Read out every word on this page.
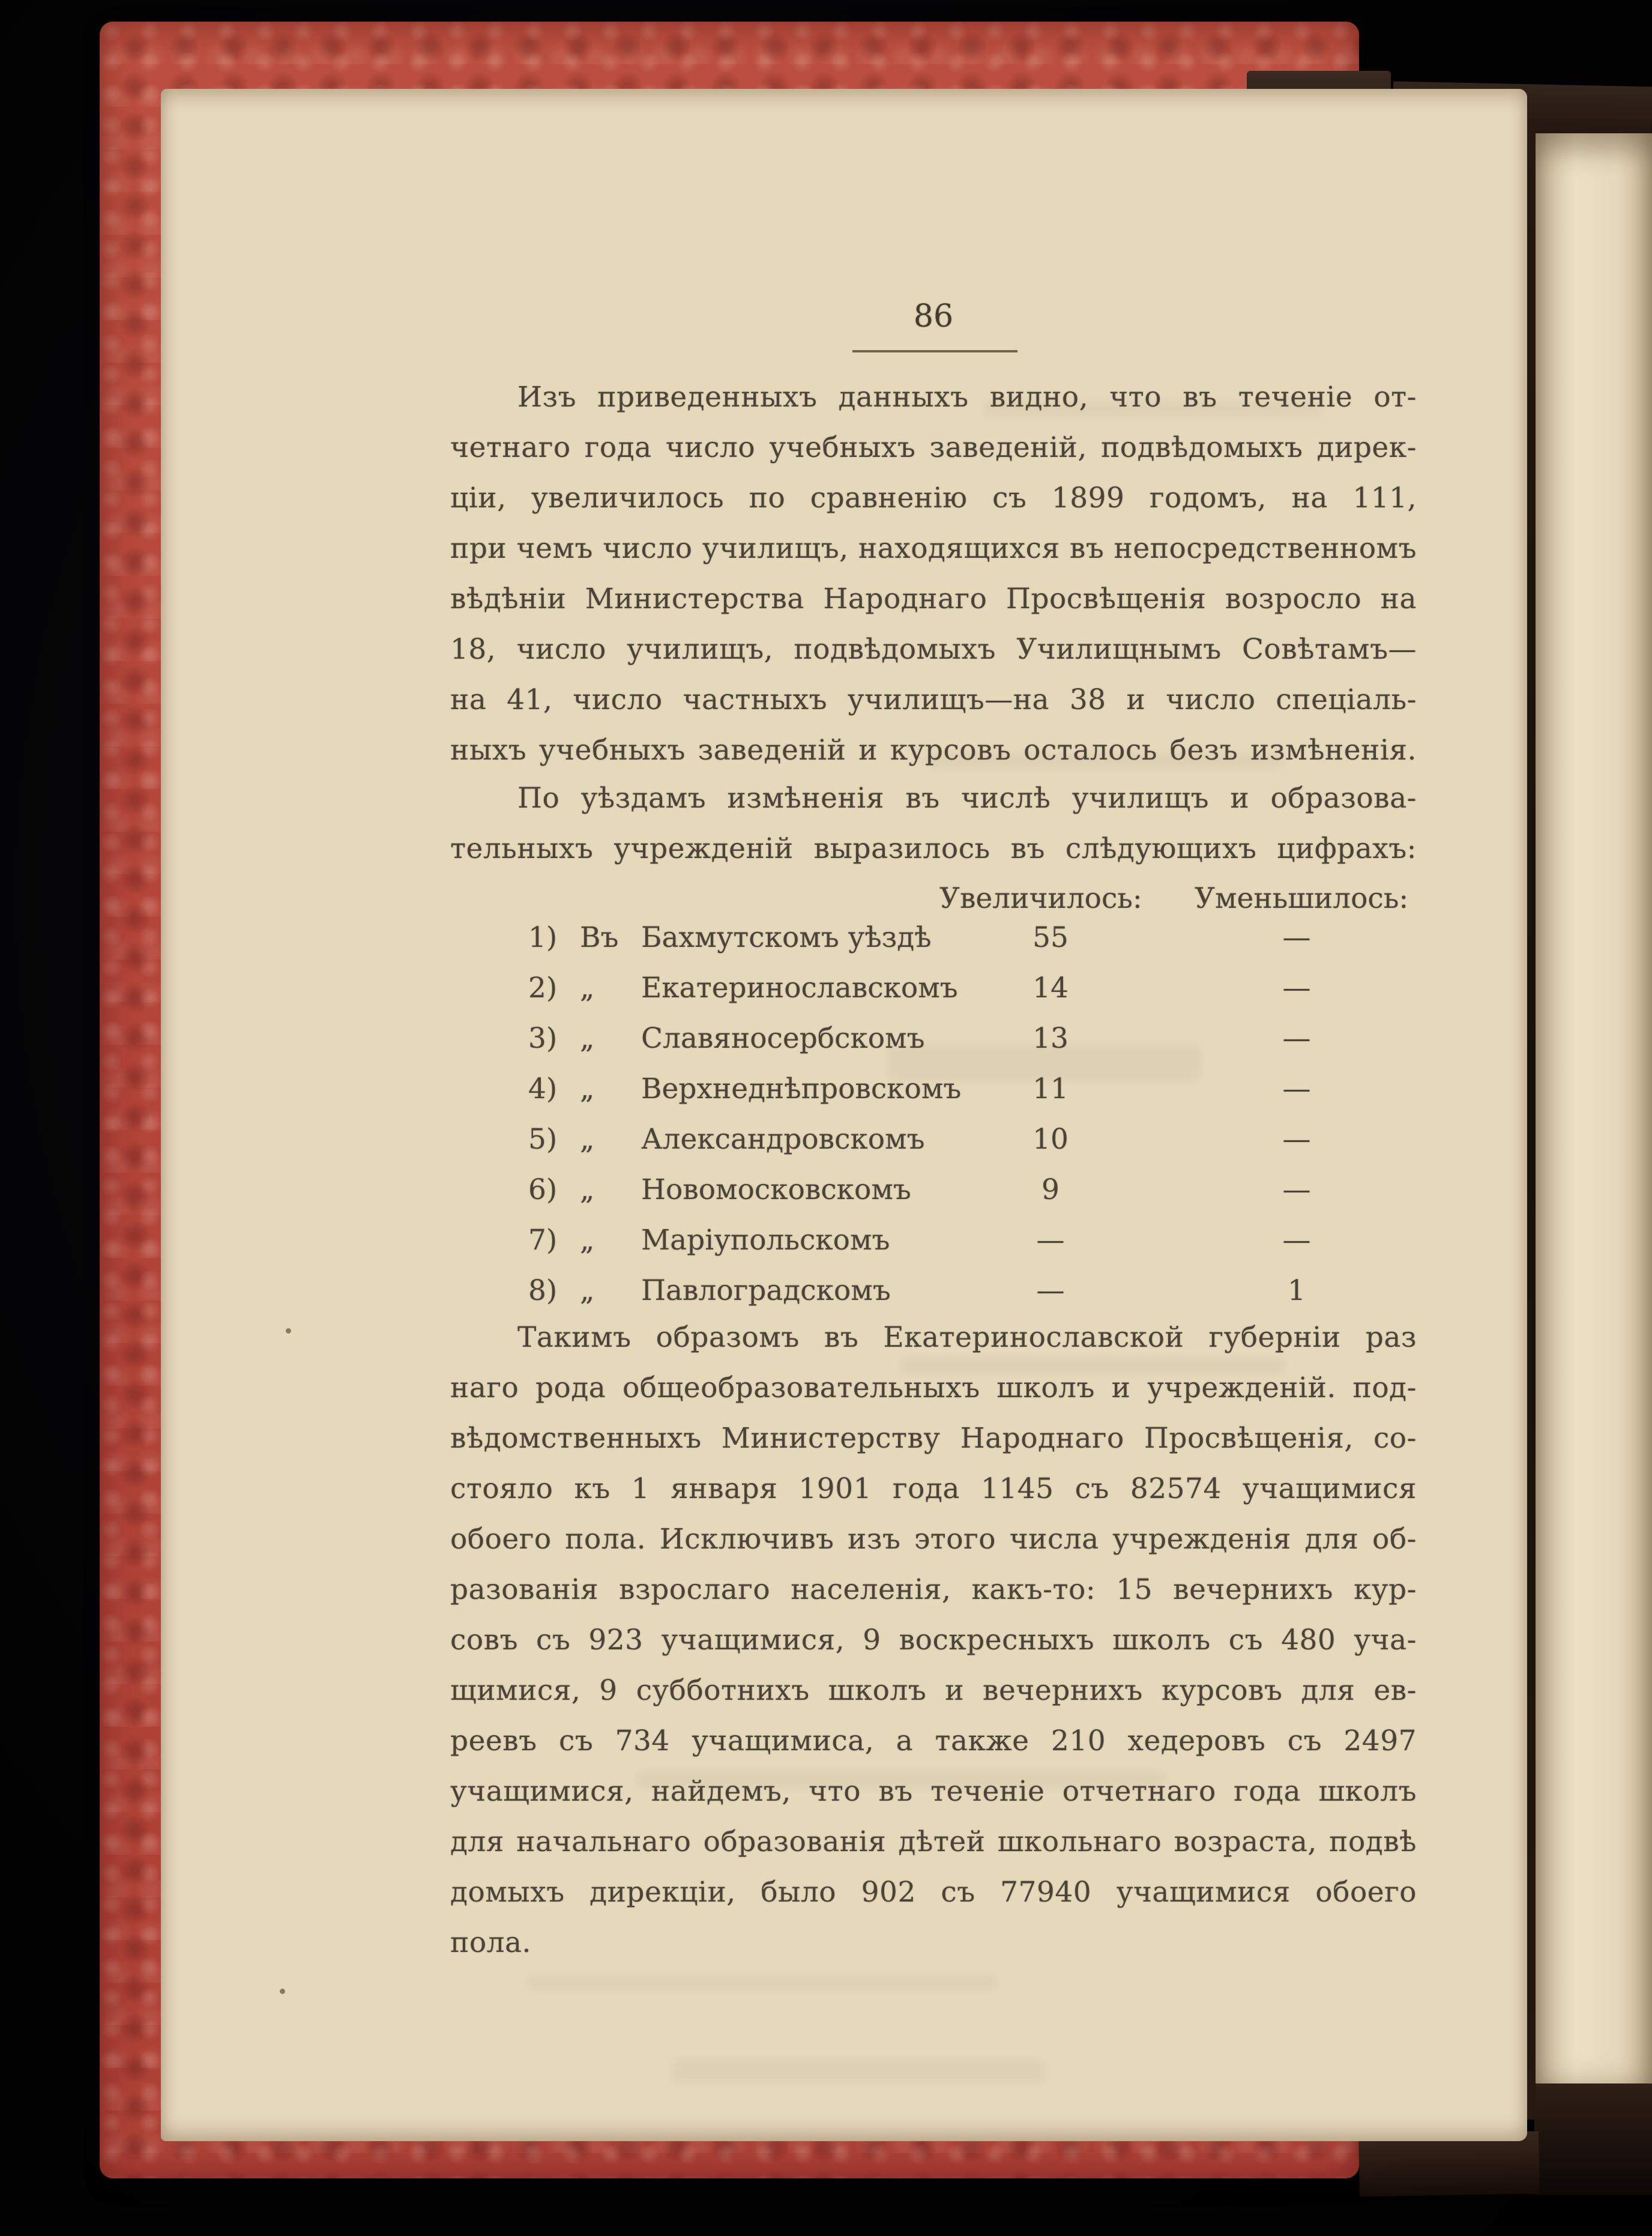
86
Изъ приведенныхъ данныхъ видно, что въ теченіе от-
четнаго года число учебныхъ заведеній, подвѣдомыхъ дирек-
ціи, увеличилось по сравненію съ 1899 годомъ, на 111,
при чемъ число училищъ, находящихся въ непосредственномъ
вѣдѣніи Министерства Народнаго Просвѣщенія возросло на
18, число училищъ, подвѣдомыхъ Училищнымъ Совѣтамъ—
на 41, число частныхъ училищъ—на 38 и число спеціаль-
ныхъ учебныхъ заведеній и курсовъ осталось безъ измѣненія.
По уѣздамъ измѣненія въ числѣ училищъ и образова-
тельныхъ учрежденій выразилось въ слѣдующихъ цифрахъ:
Увеличилось: Уменьшилось:
1) Въ Бахмутскомъ уѣздѣ	55	—
2) „	Екатеринославскомъ	14	—
3) „	Славяносербскомъ	13	—
4) „	Верхнеднѣпровскомъ	11	—
5) „	Александровскомъ	10	—
6) „	Новомосковскомъ	9	—
7) „	Маріупольскомъ	—	—
8) „	Павлоградскомъ	—	1
Такимъ образомъ въ Екатеринославской губерніи раз
наго рода общеобразовательныхъ школъ и учрежденій. под-
вѣдомственныхъ Министерству Народнаго Просвѣщенія, со-
стояло къ 1 января 1901 года 1145 съ 82574 учащимися
обоего пола. Исключивъ изъ этого числа учрежденія для об-
разованія взрослаго населенія, какъ-то: 15 вечернихъ кур-
совъ съ 923 учащимися, 9 воскресныхъ школъ съ 480 уча-
щимися, 9 субботнихъ школъ и вечернихъ курсовъ для ев-
реевъ съ 734 учащимиса, а также 210 хедеровъ съ 2497
учащимися, найдемъ, что въ теченіе отчетнаго года школъ
для начальнаго образованія дѣтей школьнаго возраста, подвѣ
домыхъ дирекціи, было 902 съ 77940 учащимися обоего
пола.
